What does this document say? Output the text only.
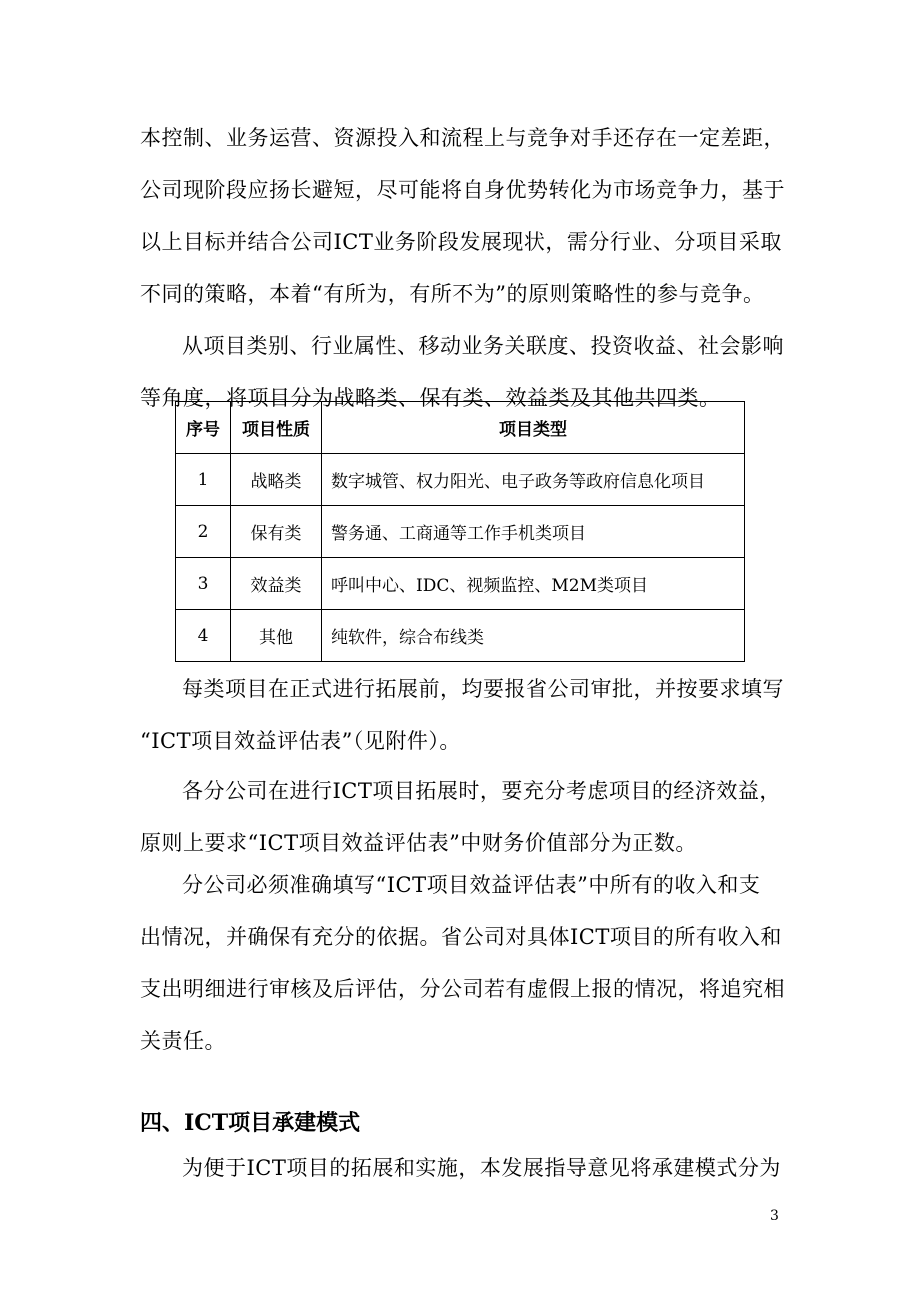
本控制、业务运营、资源投入和流程上与竞争对手还存在一定差距，
公司现阶段应扬长避短，尽可能将自身优势转化为市场竞争力，基于
以上目标并结合公司ICT业务阶段发展现状，需分行业、分项目采取
不同的策略，本着“有所为，有所不为”的原则策略性的参与竞争。

从项目类别、行业属性、移动业务关联度、投资收益、社会影响
等角度，将项目分为战略类、保有类、效益类及其他共四类。

序号	项目性质	项目类型
1	战略类	数字城管、权力阳光、电子政务等政府信息化项目
2	保有类	警务通、工商通等工作手机类项目
3	效益类	呼叫中心、IDC、视频监控、M2M类项目
4	其他	纯软件，综合布线类

每类项目在正式进行拓展前，均要报省公司审批，并按要求填写
“ICT项目效益评估表”（见附件）。

各分公司在进行ICT项目拓展时，要充分考虑项目的经济效益，
原则上要求“ICT项目效益评估表”中财务价值部分为正数。

分公司必须准确填写“ICT项目效益评估表”中所有的收入和支
出情况，并确保有充分的依据。省公司对具体ICT项目的所有收入和
支出明细进行审核及后评估，分公司若有虚假上报的情况，将追究相
关责任。

四、ICT项目承建模式

为便于ICT项目的拓展和实施，本发展指导意见将承建模式分为

3
